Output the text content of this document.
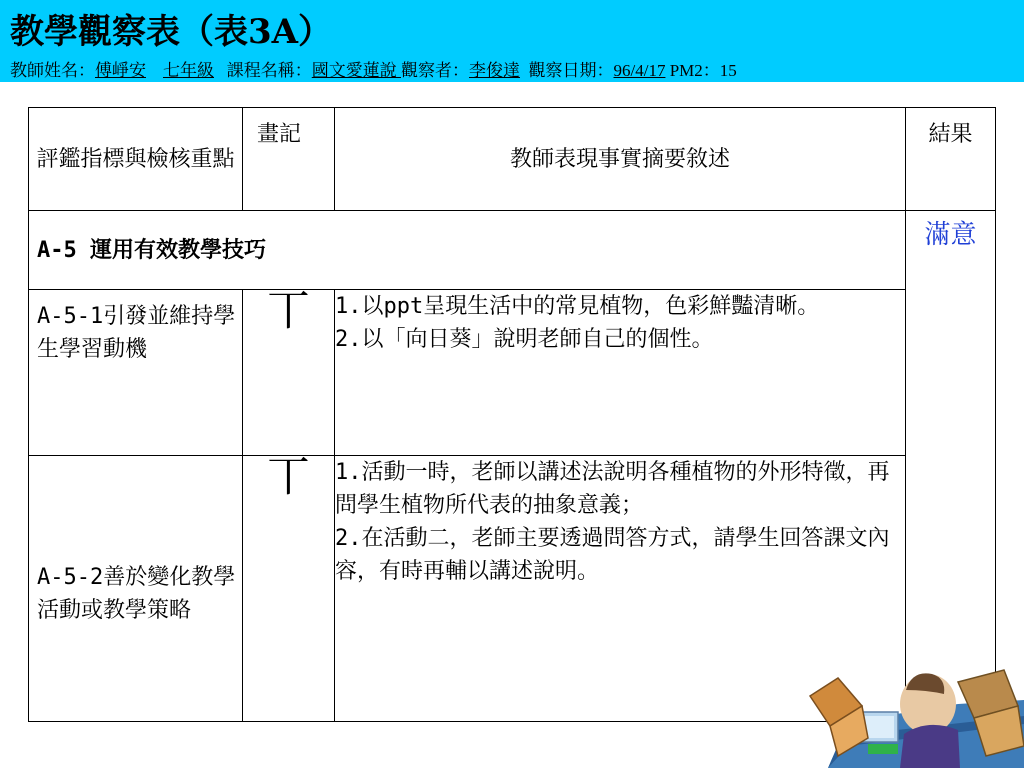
教學觀察表（表3A）
教師姓名：傅崢安 七年級 課程名稱：國文愛蓮說 觀察者：李俊達 觀察日期：96/4/17 PM2：15
評鑑指標與檢核重點	畫記	教師表現事實摘要敘述	結果
A-5 運用有效教學技巧			滿意
A-5-1引發並維持學生學習動機	丅	1.以ppt呈現生活中的常見植物，色彩鮮豔清晰。

2.以「向日葵」說明老師自己的個性。	

A-5-2善於變化教學活動或教學策略	丅	1.活動一時，老師以講述法說明各種植物的外形特徵，再問學生植物所代表的抽象意義；

2.在活動二，老師主要透過問答方式，請學生回答課文內容，有時再輔以講述說明。	
